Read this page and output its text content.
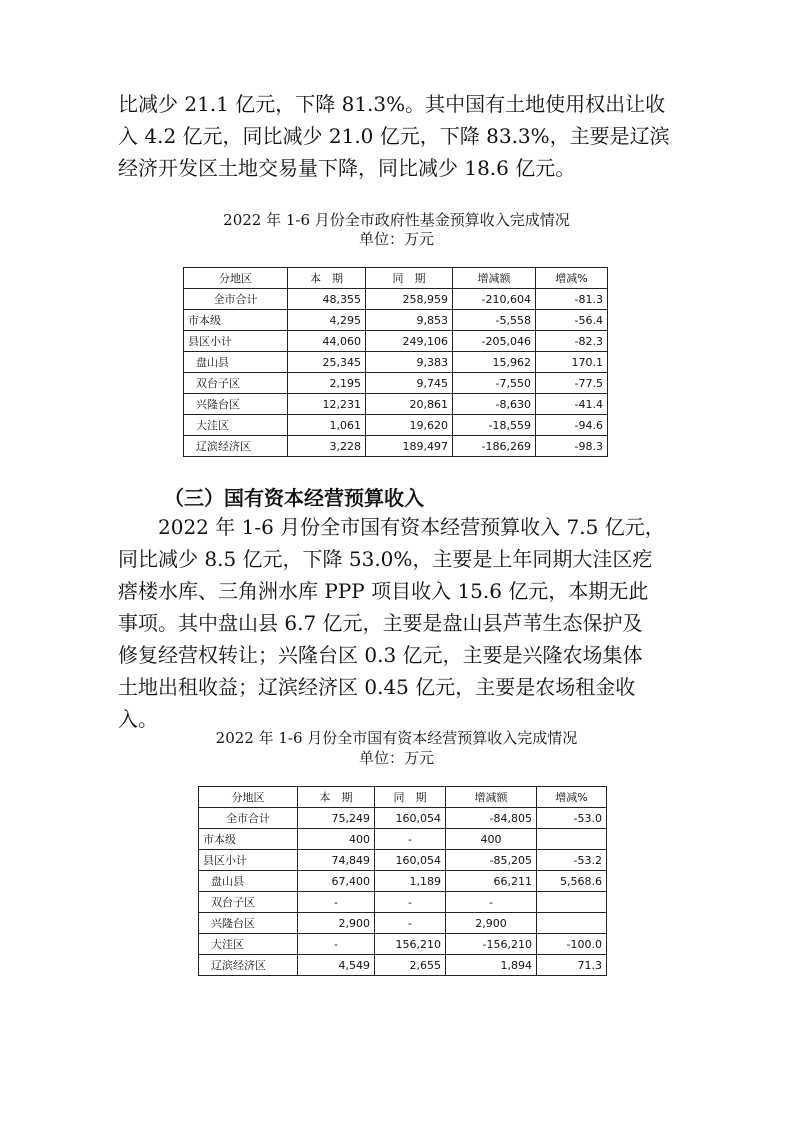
比减少 21.1 亿元，下降 81.3%。其中国有土地使用权出让收
入 4.2 亿元，同比减少 21.0 亿元，下降 83.3%，主要是辽滨
经济开发区土地交易量下降，同比减少 18.6 亿元。

2022 年 1-6 月份全市政府性基金预算收入完成情况

单位：万元

分地区	本　期	同　期	增减额	增减%
全市合计	48,355	258,959	-210,604	-81.3
市本级	4,295	9,853	-5,558	-56.4
县区小计	44,060	249,106	-205,046	-82.3
盘山县	25,345	9,383	15,962	170.1
双台子区	2,195	9,745	-7,550	-77.5
兴隆台区	12,231	20,861	-8,630	-41.4
大洼区	1,061	19,620	-18,559	-94.6
辽滨经济区	3,228	189,497	-186,269	-98.3

（三）国有资本经营预算收入

　　2022 年 1-6 月份全市国有资本经营预算收入 7.5 亿元，
同比减少 8.5 亿元，下降 53.0%，主要是上年同期大洼区疙
瘩楼水库、三角洲水库 PPP 项目收入 15.6 亿元，本期无此
事项。其中盘山县 6.7 亿元，主要是盘山县芦苇生态保护及
修复经营权转让；兴隆台区 0.3 亿元，主要是兴隆农场集体
土地出租收益；辽滨经济区 0.45 亿元，主要是农场租金收
入。

2022 年 1-6 月份全市国有资本经营预算收入完成情况

单位：万元

分地区	本　期	同　期	增减额	增减%
全市合计	75,249	160,054	-84,805	-53.0
市本级	400	-	400	
县区小计	74,849	160,054	-85,205	-53.2
盘山县	67,400	1,189	66,211	5,568.6
双台子区	-	-	-	
兴隆台区	2,900	-	2,900	
大洼区	-	156,210	-156,210	-100.0
辽滨经济区	4,549	2,655	1,894	71.3
